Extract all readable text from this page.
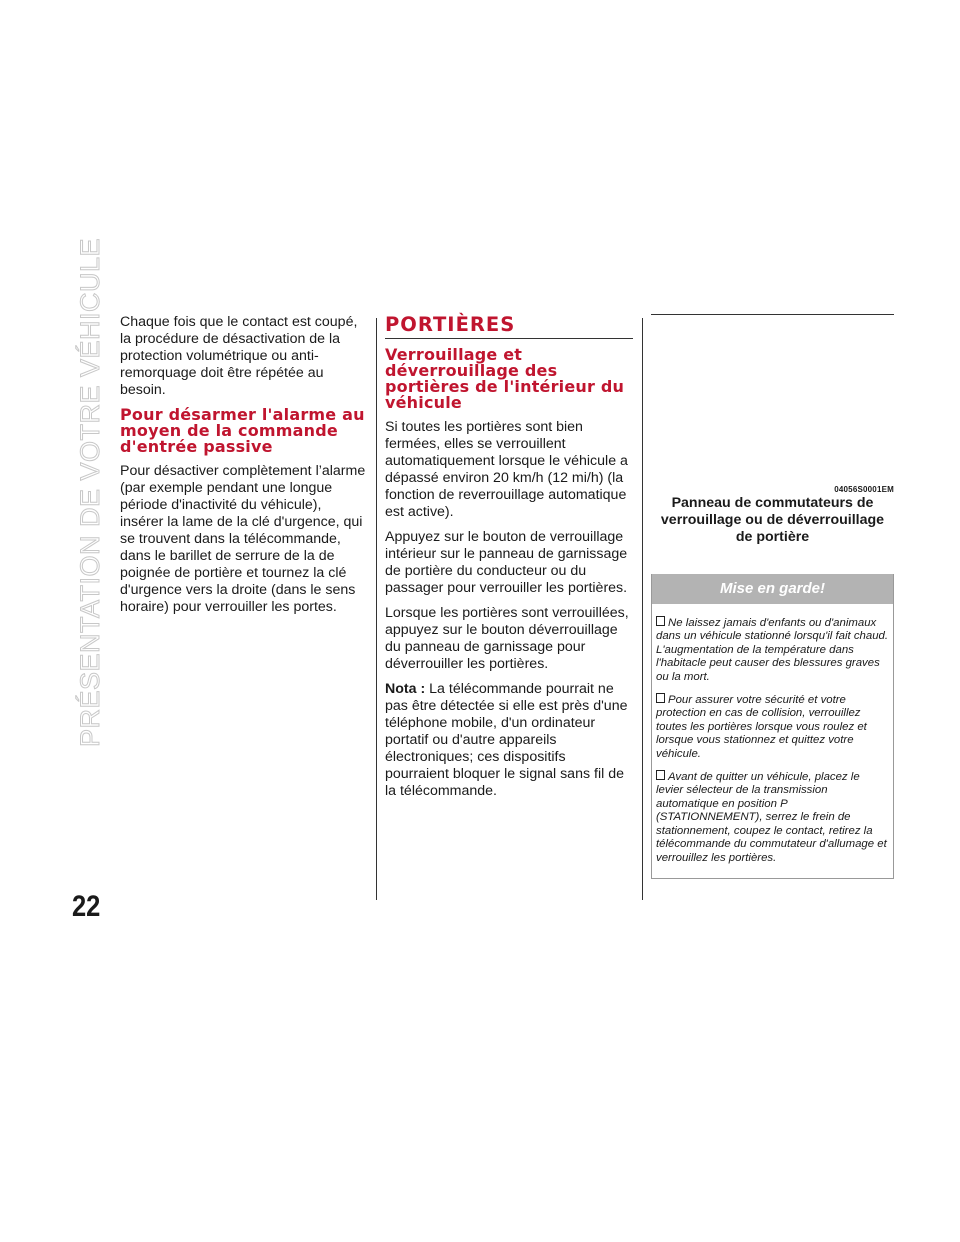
PRÉSENTATION DE VOTRE VÉHICULE
22

Chaque fois que le contact est coupé, la procédure de désactivation de la protection volumétrique ou anti-remorquage doit être répétée au besoin.

Pour désarmer l'alarme au moyen de la commande d'entrée passive

Pour désactiver complètement l’alarme (par exemple pendant une longue période d'inactivité du véhicule), insérer la lame de la clé d'urgence, qui se trouvent dans la télécommande, dans le barillet de serrure de la de poignée de portière et tournez la clé d'urgence vers la droite (dans le sens horaire) pour verrouiller les portes.

PORTIÈRES
Verrouillage et déverrouillage des portières de l'intérieur du véhicule

Si toutes les portières sont bien fermées, elles se verrouillent automatiquement lorsque le véhicule a dépassé environ 20 km/h (12 mi/h) (la fonction de reverrouillage automatique est active).

Appuyez sur le bouton de verrouillage intérieur sur le panneau de garnissage de portière du conducteur ou du passager pour verrouiller les portières.

Lorsque les portières sont verrouillées, appuyez sur le bouton déverrouillage du panneau de garnissage pour déverrouiller les portières.

Nota : La télécommande pourrait ne pas être détectée si elle est près d'une téléphone mobile, d'un ordinateur portatif ou d'autre appareils électroniques; ces dispositifs pourraient bloquer le signal sans fil de la télécommande.

04056S0001EM
Panneau de commutateurs de verrouillage ou de déverrouillage de portière
Mise en garde!

Ne laissez jamais d'enfants ou d'animaux dans un véhicule stationné lorsqu'il fait chaud. L'augmentation de la température dans l'habitacle peut causer des blessures graves ou la mort.

Pour assurer votre sécurité et votre protection en cas de collision, verrouillez toutes les portières lorsque vous roulez et lorsque vous stationnez et quittez votre véhicule.

Avant de quitter un véhicule, placez le levier sélecteur de la transmission automatique en position P (STATIONNEMENT), serrez le frein de stationnement, coupez le contact, retirez la télécommande du commutateur d'allumage et verrouillez les portières.
